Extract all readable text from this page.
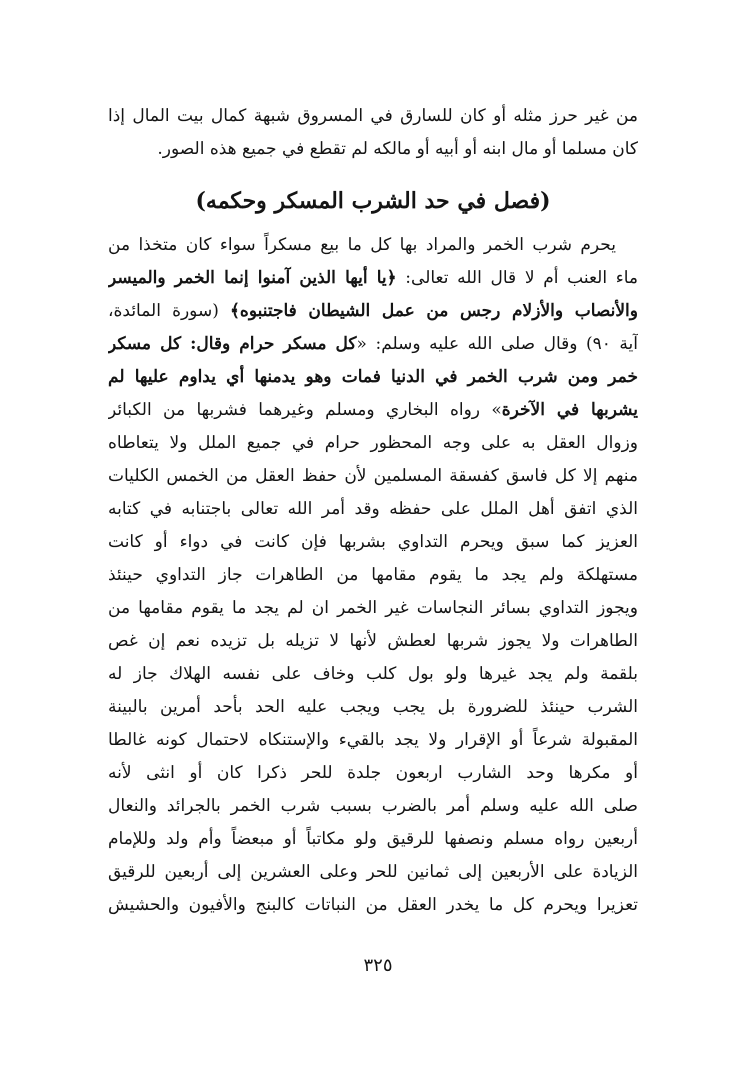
من غير حرز مثله أو كان للسارق في المسروق شبهة كمال بيت المال إذا
كان مسلما أو مال ابنه أو أبيه أو مالكه لم تقطع في جميع هذه الصور.
(فصل في حد الشرب المسكر وحكمه)
يحرم شرب الخمر والمراد بها كل ما بيع مسكراً سواء كان متخذا من
ماء العنب أم لا قال الله تعالى: ﴿يا أيها الذين آمنوا إنما الخمر والميسر
والأنصاب والأزلام رجس من عمل الشيطان فاجتنبوه﴾ (سورة المائدة،
آية ٩٠) وقال صلى الله عليه وسلم: «كل مسكر حرام وقال: كل مسكر
خمر ومن شرب الخمر في الدنيا فمات وهو يدمنها أي يداوم عليها لم
يشربها في الآخرة» رواه البخاري ومسلم وغيرهما فشربها من الكبائر
وزوال العقل به على وجه المحظور حرام في جميع الملل ولا يتعاطاه
منهم إلا كل فاسق كفسقة المسلمين لأن حفظ العقل من الخمس الكليات
الذي اتفق أهل الملل على حفظه وقد أمر الله تعالى باجتنابه في كتابه
العزيز كما سبق ويحرم التداوي بشربها فإن كانت في دواء أو كانت
مستهلكة ولم يجد ما يقوم مقامها من الطاهرات جاز التداوي حينئذ
ويجوز التداوي بسائر النجاسات غير الخمر ان لم يجد ما يقوم مقامها من
الطاهرات ولا يجوز شربها لعطش لأنها لا تزيله بل تزيده نعم إن غص
بلقمة ولم يجد غيرها ولو بول كلب وخاف على نفسه الهلاك جاز له
الشرب حينئذ للضرورة بل يجب ويجب عليه الحد بأحد أمرين بالبينة
المقبولة شرعاً أو الإقرار ولا يجد بالقيء والإستنكاه لاحتمال كونه غالطا
أو مكرها وحد الشارب اربعون جلدة للحر ذكرا كان أو انثى لأنه
صلى الله عليه وسلم أمر بالضرب بسبب شرب الخمر بالجرائد والنعال
أربعين رواه مسلم ونصفها للرقيق ولو مكاتباً أو مبعضاً وأم ولد وللإمام
الزيادة على الأربعين إلى ثمانين للحر وعلى العشرين إلى أربعين للرقيق
تعزيرا ويحرم كل ما يخدر العقل من النباتات كالبنج والأفيون والحشيش
٣٢٥
